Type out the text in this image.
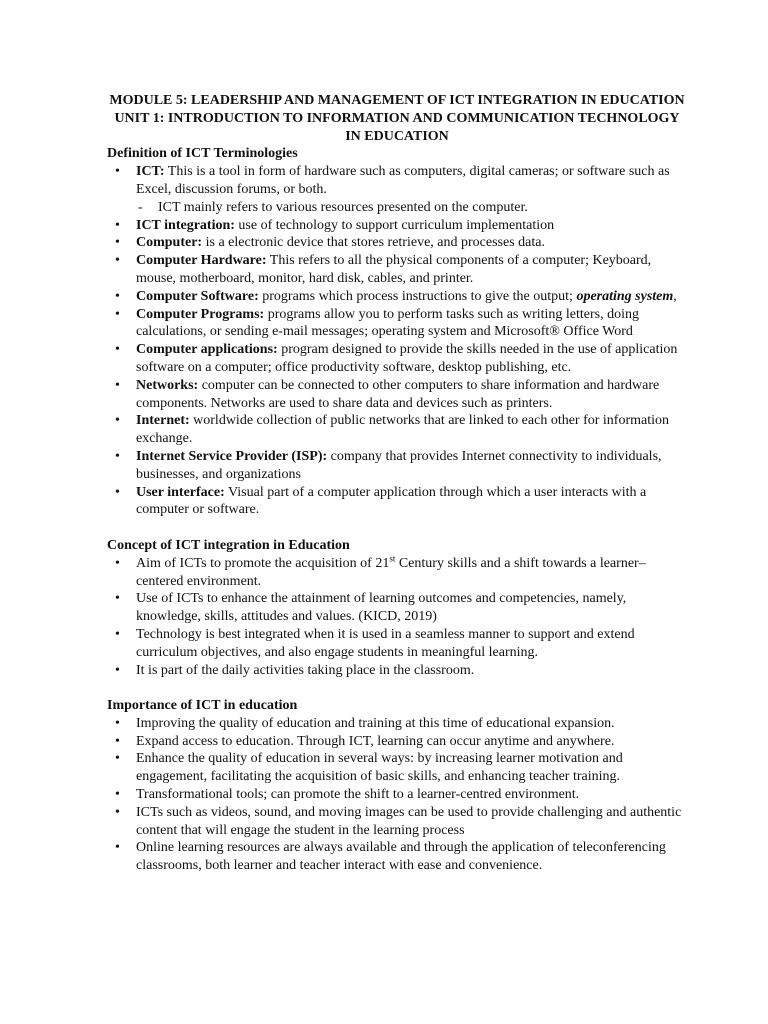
MODULE 5: LEADERSHIP AND MANAGEMENT OF ICT INTEGRATION IN EDUCATION

UNIT 1: INTRODUCTION TO INFORMATION AND COMMUNICATION TECHNOLOGY IN EDUCATION

Definition of ICT Terminologies

• ICT: This is a tool in form of hardware such as computers, digital cameras; or software such as Excel, discussion forums, or both.
- ICT mainly refers to various resources presented on the computer.
• ICT integration: use of technology to support curriculum implementation
• Computer: is a electronic device that stores retrieve, and processes data.
• Computer Hardware: This refers to all the physical components of a computer; Keyboard, mouse, motherboard, monitor, hard disk, cables, and printer.
• Computer Software: programs which process instructions to give the output; operating system,
• Computer Programs: programs allow you to perform tasks such as writing letters, doing calculations, or sending e-mail messages; operating system and Microsoft® Office Word
• Computer applications: program designed to provide the skills needed in the use of application software on a computer; office productivity software, desktop publishing, etc.
• Networks: computer can be connected to other computers to share information and hardware components. Networks are used to share data and devices such as printers.
• Internet: worldwide collection of public networks that are linked to each other for information exchange.
• Internet Service Provider (ISP): company that provides Internet connectivity to individuals, businesses, and organizations
• User interface: Visual part of a computer application through which a user interacts with a computer or software.

Concept of ICT integration in Education

• Aim of ICTs to promote the acquisition of 21st Century skills and a shift towards a learner–centered environment.
• Use of ICTs to enhance the attainment of learning outcomes and competencies, namely, knowledge, skills, attitudes and values. (KICD, 2019)
• Technology is best integrated when it is used in a seamless manner to support and extend curriculum objectives, and also engage students in meaningful learning.
• It is part of the daily activities taking place in the classroom.

Importance of ICT in education

• Improving the quality of education and training at this time of educational expansion.
• Expand access to education. Through ICT, learning can occur anytime and anywhere.
• Enhance the quality of education in several ways: by increasing learner motivation and engagement, facilitating the acquisition of basic skills, and enhancing teacher training.
• Transformational tools; can promote the shift to a learner-centred environment.
• ICTs such as videos, sound, and moving images can be used to provide challenging and authentic content that will engage the student in the learning process
• Online learning resources are always available and through the application of teleconferencing classrooms, both learner and teacher interact with ease and convenience.
